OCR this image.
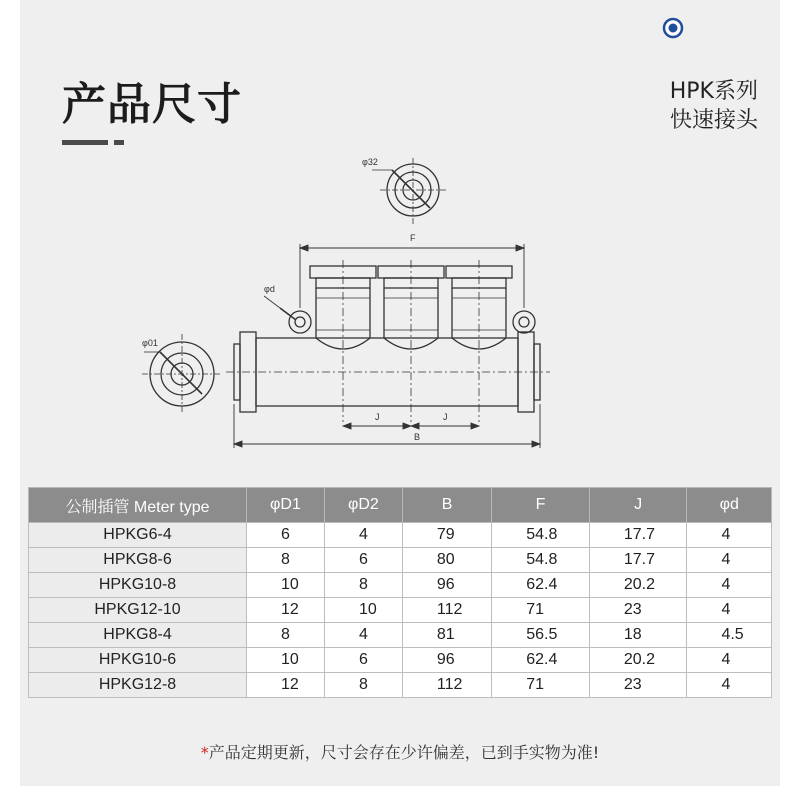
产品尺寸	HPK系列
快速接头
φ32
φ01
φd
F
J	J
B
公制插管 Meter type	φD1	φD2	B	F	J	φd
HPKG6-4	6	4	79	54.8	17.7	4
HPKG8-6	8	6	80	54.8	17.7	4
HPKG10-8	10	8	96	62.4	20.2	4
HPKG12-10	12	10	112	71	23	4
HPKG8-4	8	4	81	56.5	18	4.5
HPKG10-6	10	6	96	62.4	20.2	4
HPKG12-8	12	8	112	71	23	4
*产品定期更新，尺寸会存在少许偏差，已到手实物为准!
